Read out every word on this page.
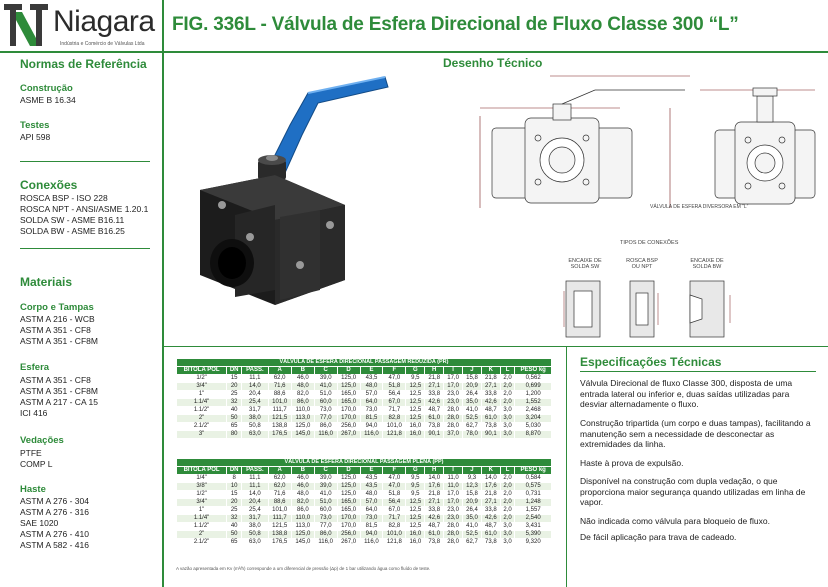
Niagara
Indústria e Comércio de Válvulas Ltda
FIG. 336L - Válvula de Esfera Direcional de Fluxo Classe 300 “L”
Normas de Referência
Construção
ASME B 16.34
Testes
API 598
Conexões
ROSCA BSP - ISO 228
ROSCA NPT - ANSI/ASME 1.20.1
SOLDA SW - ASME B16.11
SOLDA BW - ASME B16.25
Materiais
Corpo e Tampas
ASTM A 216 - WCB
ASTM A 351 - CF8
ASTM A 351 - CF8M
Esfera
ASTM A 351 - CF8
ASTM A 351 - CF8M
ASTM A 217 - CA 15
ICI 416
Vedações
PTFE
COMP L
Haste
ASTM A 276 - 304
ASTM A 276 - 316
SAE 1020
ASTM A 276 - 410
ASTM A 582 - 416
Desenho Técnico
VÁLVULA DE ESFERA DIVERSORA EM “L”
TIPOS DE CONEXÕES
ENCAIXE DE SOLDA SW
ROSCA BSP OU NPT
ENCAIXE DE SOLDA BW
VÁLVULA DE ESFERA DIRECIONAL PASSAGEM REDUZIDA (PR)															
BITOLA POL	DN	PASS.	A	B	C	D	E	F	G	H	I	J	K	L	PESO kg
1/2"	15	11,1	62,0	46,0	39,0	125,0	43,5	47,0	9,5	21,8	17,0	15,8	21,8	2,0	0,562
3/4"	20	14,0	71,6	48,0	41,0	125,0	48,0	51,8	12,5	27,1	17,0	20,9	27,1	2,0	0,699
1"	25	20,4	88,6	82,0	51,0	165,0	57,0	56,4	12,5	33,8	23,0	26,4	33,8	2,0	1,200
1.1/4"	32	25,4	101,0	86,0	60,0	165,0	64,0	67,0	12,5	42,6	23,0	35,0	42,6	2,0	1,552
1.1/2"	40	31,7	111,7	110,0	73,0	170,0	73,0	71,7	12,5	48,7	28,0	41,0	48,7	3,0	2,468
2"	50	38,0	121,5	113,0	77,0	170,0	81,5	82,8	12,5	61,0	28,0	52,5	61,0	3,0	3,204
2.1/2"	65	50,8	138,8	125,0	86,0	256,0	94,0	101,0	16,0	73,8	28,0	62,7	73,8	3,0	5,030
3"	80	63,0	176,5	145,0	116,0	267,0	116,0	121,8	16,0	90,1	37,0	78,0	90,1	3,0	8,870
VÁLVULA DE ESFERA DIRECIONAL PASSAGEM PLENA (PP)															
BITOLA POL	DN	PASS.	A	B	C	D	E	F	G	H	I	J	K	L	PESO kg
1/4"	8	11,1	62,0	46,0	39,0	125,0	43,5	47,0	9,5	14,0	11,0	9,3	14,0	2,0	0,584
3/8"	10	11,1	62,0	46,0	39,0	125,0	43,5	47,0	9,5	17,6	11,0	12,3	17,6	2,0	0,575
1/2"	15	14,0	71,6	48,0	41,0	125,0	48,0	51,8	9,5	21,8	17,0	15,8	21,8	2,0	0,731
3/4"	20	20,4	88,6	82,0	51,0	165,0	57,0	56,4	12,5	27,1	17,0	20,9	27,1	2,0	1,248
1"	25	25,4	101,0	86,0	60,0	165,0	64,0	67,0	12,5	33,8	23,0	26,4	33,8	2,0	1,557
1.1/4"	32	31,7	111,7	110,0	73,0	170,0	73,0	71,7	12,5	42,6	23,0	35,0	42,6	2,0	2,540
1.1/2"	40	38,0	121,5	113,0	77,0	170,0	81,5	82,8	12,5	48,7	28,0	41,0	48,7	3,0	3,431
2"	50	50,8	138,8	125,0	86,0	256,0	94,0	101,0	16,0	61,0	28,0	52,5	61,0	3,0	5,390
2.1/2"	65	63,0	176,5	145,0	116,0	267,0	116,0	121,8	16,0	73,8	28,0	62,7	73,8	3,0	9,320
A vazão apresentada em Kv (m³/h) corresponde a um diferencial de pressão (Δp) de 1 bar utilizando água como fluído de teste.
Especificações Técnicas
Válvula Direcional de fluxo Classe 300, disposta de uma entrada lateral ou inferior e, duas saídas utilizadas para desviar alternadamente o fluxo.
Construção tripartida (um corpo e duas tampas), facilitando a manutenção sem a necessidade de desconectar as extremidades da linha.
Haste à prova de expulsão.
Disponível na construção com dupla vedação, o que proporciona maior segurança quando utilizadas em linha de vapor.
Não indicada como válvula para bloqueio de fluxo.
De fácil aplicação para trava de cadeado.
